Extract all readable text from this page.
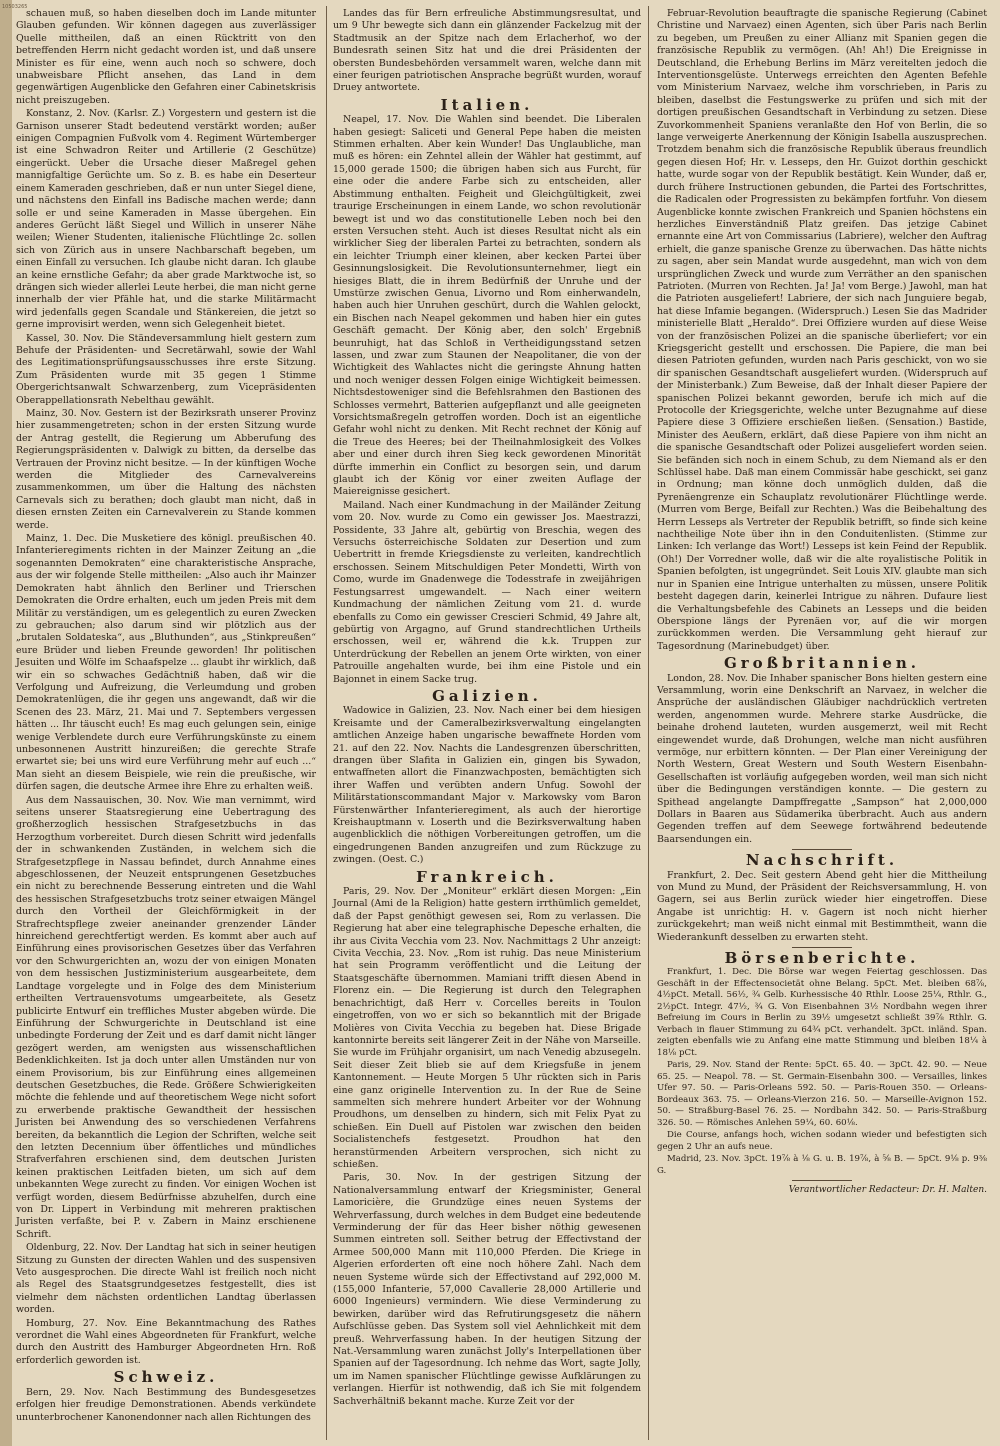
10503265

schauen muß, so haben dieselben doch im Lande mitunter Glauben gefunden. Wir können dagegen aus zuverlässiger Quelle mittheilen, daß an einen Rücktritt von den betreffenden Herrn nicht gedacht worden ist, und daß unsere Minister es für eine, wenn auch noch so schwere, doch unabweisbare Pflicht ansehen, das Land in dem gegenwärtigen Augenblicke den Gefahren einer Cabinetskrisis nicht preiszugeben.

Konstanz, 2. Nov. (Karlsr. Z.) Vorgestern und gestern ist die Garnison unserer Stadt bedeutend verstärkt worden; außer einigen Compagnien Fußvolk vom 4. Regiment Würtemberger ist eine Schwadron Reiter und Artillerie (2 Geschütze) eingerückt. Ueber die Ursache dieser Maßregel gehen mannigfaltige Gerüchte um. So z. B. es habe ein Deserteur einem Kameraden geschrieben, daß er nun unter Siegel diene, und nächstens den Einfall ins Badische machen werde; dann solle er und seine Kameraden in Masse übergehen. Ein anderes Gerücht läßt Siegel und Willich in unserer Nähe weilen; Wiener Studenten, italienische Flüchtlinge 2c. sollen sich von Zürich aus in unsere Nachbarschaft begeben, um einen Einfall zu versuchen. Ich glaube nicht daran. Ich glaube an keine ernstliche Gefahr; da aber grade Marktwoche ist, so drängen sich wieder allerlei Leute herbei, die man nicht gerne innerhalb der vier Pfähle hat, und die starke Militärmacht wird jedenfalls gegen Scandale und Stänkereien, die jetzt so gerne improvisirt werden, wenn sich Gelegenheit bietet.

Kassel, 30. Nov. Die Ständeversammlung hielt gestern zum Behufe der Präsidenten- und Secretärwahl, sowie der Wahl des Legitimationsprüfungsausschusses ihre erste Sitzung. Zum Präsidenten wurde mit 35 gegen 1 Stimme Obergerichtsanwalt Schwarzenberg, zum Vicepräsidenten Oberappellationsrath Nebelthau gewählt.

Mainz, 30. Nov. Gestern ist der Bezirksrath unserer Provinz hier zusammengetreten; schon in der ersten Sitzung wurde der Antrag gestellt, die Regierung um Abberufung des Regierungspräsidenten v. Dalwigk zu bitten, da derselbe das Vertrauen der Provinz nicht besitze. — In der künftigen Woche werden die Mitglieder des Carnevalvereins zusammenkommen, um über die Haltung des nächsten Carnevals sich zu berathen; doch glaubt man nicht, daß in diesen ernsten Zeiten ein Carnevalverein zu Stande kommen werde.

Mainz, 1. Dec. Die Musketiere des königl. preußischen 40. Infanterieregiments richten in der Mainzer Zeitung an „die sogenannten Demokraten“ eine charakteristische Ansprache, aus der wir folgende Stelle mittheilen: „Also auch ihr Mainzer Demokraten habt ähnlich den Berliner und Trierschen Demokraten die Ordre erhalten, euch um jeden Preis mit dem Militär zu verständigen, um es gelegentlich zu euren Zwecken zu gebrauchen; also darum sind wir plötzlich aus der „brutalen Soldateska“, aus „Bluthunden“, aus „Stinkpreußen“ eure Brüder und lieben Freunde geworden! Ihr politischen Jesuiten und Wölfe im Schaafspelze ... glaubt ihr wirklich, daß wir ein so schwaches Gedächtniß haben, daß wir die Verfolgung und Aufreizung, die Verleumdung und groben Demokratenlügen, die ihr gegen uns angewandt, daß wir die Scenen des 23. März, 21. Mai und 7. Septembers vergessen hätten ... Ihr täuscht euch! Es mag euch gelungen sein, einige wenige Verblendete durch eure Verführungskünste zu einem unbesonnenen Austritt hinzureißen; die gerechte Strafe erwartet sie; bei uns wird eure Verführung mehr auf euch ...“ Man sieht an diesem Beispiele, wie rein die preußische, wir dürfen sagen, die deutsche Armee ihre Ehre zu erhalten weiß.

Aus dem Nassauischen, 30. Nov. Wie man vernimmt, wird seitens unserer Staatsregierung eine Uebertragung des großherzoglich hessischen Strafgesetzbuchs in das Herzogthum vorbereitet. Durch diesen Schritt wird jedenfalls der in schwankenden Zuständen, in welchem sich die Strafgesetzpflege in Nassau befindet, durch Annahme eines abgeschlossenen, der Neuzeit entsprungenen Gesetzbuches ein nicht zu berechnende Besserung eintreten und die Wahl des hessischen Strafgesetzbuchs trotz seiner etwaigen Mängel durch den Vortheil der Gleichförmigkeit in der Strafrechtspflege zweier aneinander grenzender Länder hinreichend gerechtfertigt werden. Es kommt aber auch auf Einführung eines provisorischen Gesetzes über das Verfahren vor den Schwurgerichten an, wozu der von einigen Monaten von dem hessischen Justizministerium ausgearbeitete, dem Landtage vorgelegte und in Folge des dem Ministerium ertheilten Vertrauensvotums umgearbeitete, als Gesetz publicirte Entwurf ein treffliches Muster abgeben würde. Die Einführung der Schwurgerichte in Deutschland ist eine unbedingte Forderung der Zeit und es darf damit nicht länger gezögert werden, am wenigsten aus wissenschaftlichen Bedenklichkeiten. Ist ja doch unter allen Umständen nur von einem Provisorium, bis zur Einführung eines allgemeinen deutschen Gesetzbuches, die Rede. Größere Schwierigkeiten möchte die fehlende und auf theoretischem Wege nicht sofort zu erwerbende praktische Gewandtheit der hessischen Juristen bei Anwendung des so verschiedenen Verfahrens bereiten, da bekanntlich die Legion der Schriften, welche seit den letzten Decennium über öffentliches und mündliches Strafverfahren erschienen sind, dem deutschen Juristen keinen praktischen Leitfaden bieten, um sich auf dem unbekannten Wege zurecht zu finden. Vor einigen Wochen ist verfügt worden, diesem Bedürfnisse abzuhelfen, durch eine von Dr. Lippert in Verbindung mit mehreren praktischen Juristen verfaßte, bei P. v. Zabern in Mainz erschienene Schrift.

Oldenburg, 22. Nov. Der Landtag hat sich in seiner heutigen Sitzung zu Gunsten der directen Wahlen und des suspensiven Veto ausgesprochen. Die directe Wahl ist freilich noch nicht als Regel des Staatsgrundgesetzes festgestellt, dies ist vielmehr dem nächsten ordentlichen Landtag überlassen worden.

Homburg, 27. Nov. Eine Bekanntmachung des Rathes verordnet die Wahl eines Abgeordneten für Frankfurt, welche durch den Austritt des Hamburger Abgeordneten Hrn. Roß erforderlich geworden ist.

Schweiz.

Bern, 29. Nov. Nach Bestimmung des Bundesgesetzes erfolgen hier freudige Demonstrationen. Abends verkündete ununterbrochener Kanonendonner nach allen Richtungen des

Landes das für Bern erfreuliche Abstimmungsresultat, und um 9 Uhr bewegte sich dann ein glänzender Fackelzug mit der Stadtmusik an der Spitze nach dem Erlacherhof, wo der Bundesrath seinen Sitz hat und die drei Präsidenten der obersten Bundesbehörden versammelt waren, welche dann mit einer feurigen patriotischen Ansprache begrüßt wurden, worauf Druey antwortete.

Italien.

Neapel, 17. Nov. Die Wahlen sind beendet. Die Liberalen haben gesiegt: Saliceti und General Pepe haben die meisten Stimmen erhalten. Aber kein Wunder! Das Unglaubliche, man muß es hören: ein Zehntel allein der Wähler hat gestimmt, auf 15,000 gerade 1500; die übrigen haben sich aus Furcht, für eine oder die andere Farbe sich zu entscheiden, aller Abstimmung enthalten. Feigheit und Gleichgültigkeit, zwei traurige Erscheinungen in einem Lande, wo schon revolutionär bewegt ist und wo das constitutionelle Leben noch bei den ersten Versuchen steht. Auch ist dieses Resultat nicht als ein wirklicher Sieg der liberalen Partei zu betrachten, sondern als ein leichter Triumph einer kleinen, aber kecken Partei über Gesinnungslosigkeit. Die Revolutionsunternehmer, liegt ein hiesiges Blatt, die in ihrem Bedürfniß der Unruhe und der Umstürze zwischen Genua, Livorno und Rom einherwandeln, haben auch hier Unruhen geschürt, durch die Wahlen gelockt, ein Bischen nach Neapel gekommen und haben hier ein gutes Geschäft gemacht. Der König aber, den solch' Ergebniß beunruhigt, hat das Schloß in Vertheidigungsstand setzen lassen, und zwar zum Staunen der Neapolitaner, die von der Wichtigkeit des Wahlactes nicht die geringste Ahnung hatten und noch weniger dessen Folgen einige Wichtigkeit beimessen. Nichtsdestoweniger sind die Befehlsrahmen den Bastionen des Schlosses vermehrt, Batterien aufgepflanzt und alle geeigneten Vorsichtsmaßregeln getroffen worden. Doch ist an eigentliche Gefahr wohl nicht zu denken. Mit Recht rechnet der König auf die Treue des Heeres; bei der Theilnahmlosigkeit des Volkes aber und einer durch ihren Sieg keck gewordenen Minorität dürfte immerhin ein Conflict zu besorgen sein, und darum glaubt ich der König vor einer zweiten Auflage der Maiereignisse gesichert.

Mailand. Nach einer Kundmachung in der Mailänder Zeitung vom 20. Nov. wurde zu Como ein gewisser Jos. Maestrazzi, Possidente, 33 Jahre alt, gebürtig von Breschia, wegen des Versuchs österreichische Soldaten zur Desertion und zum Uebertritt in fremde Kriegsdienste zu verleiten, kandrechtlich erschossen. Seinem Mitschuldigen Peter Mondetti, Wirth von Como, wurde im Gnadenwege die Todesstrafe in zweijährigen Festungsarrest umgewandelt. — Nach einer weitern Kundmachung der nämlichen Zeitung vom 21. d. wurde ebenfalls zu Como ein gewisser Crescieri Schmid, 49 Jahre alt, gebürtig von Argagno, auf Grund standrechtlichen Urtheils erschossen, weil er, während die k.k. Truppen zur Unterdrückung der Rebellen an jenem Orte wirkten, von einer Patrouille angehalten wurde, bei ihm eine Pistole und ein Bajonnet in einem Sacke trug.

Galizien.

Wadowice in Galizien, 23. Nov. Nach einer bei dem hiesigen Kreisamte und der Cameralbezirksverwaltung eingelangten amtlichen Anzeige haben ungarische bewaffnete Horden vom 21. auf den 22. Nov. Nachts die Landesgrenzen überschritten, drangen über Slafita in Galizien ein, gingen bis Sywadon, entwaffneten allort die Finanzwachposten, bemächtigten sich ihrer Waffen und verübten andern Unfug. Sowohl der Militärstationscommandant Major v. Markowsky vom Baron Fürstenwärther Infanterieregiment, als auch der hierortige Kreishauptmann v. Loserth und die Bezirksverwaltung haben augenblicklich die nöthigen Vorbereitungen getroffen, um die eingedrungenen Banden anzugreifen und zum Rückzuge zu zwingen. (Oest. C.)

Frankreich.

Paris, 29. Nov. Der „Moniteur“ erklärt diesen Morgen: „Ein Journal (Ami de la Religion) hatte gestern irrthümlich gemeldet, daß der Papst genöthigt gewesen sei, Rom zu verlassen. Die Regierung hat aber eine telegraphische Depesche erhalten, die ihr aus Civita Vecchia vom 23. Nov. Nachmittags 2 Uhr anzeigt: Civita Vecchia, 23. Nov. „Rom ist ruhig. Das neue Ministerium hat sein Programm veröffentlicht und die Leitung der Staatsgeschäfte übernommen. Mamiani trifft diesen Abend in Florenz ein. — Die Regierung ist durch den Telegraphen benachrichtigt, daß Herr v. Corcelles bereits in Toulon eingetroffen, von wo er sich so bekanntlich mit der Brigade Molières von Civita Vecchia zu begeben hat. Diese Brigade kantonnirte bereits seit längerer Zeit in der Nähe von Marseille. Sie wurde im Frühjahr organisirt, um nach Venedig abzusegeln. Seit dieser Zeit blieb sie auf dem Kriegsfuße in jenem Kantonnement. — Heute Morgen 5 Uhr rückten sich in Paris eine ganz originelle Intervention zu. In der Rue de Seine sammelten sich mehrere hundert Arbeiter vor der Wohnung Proudhons, um denselben zu hindern, sich mit Felix Pyat zu schießen. Ein Duell auf Pistolen war zwischen den beiden Socialistenchefs festgesetzt. Proudhon hat den heranstürmenden Arbeitern versprochen, sich nicht zu schießen.

Paris, 30. Nov. In der gestrigen Sitzung der Nationalversammlung entwarf der Kriegsminister, General Lamoricière, die Grundzüge eines neuen Systems der Wehrverfassung, durch welches in dem Budget eine bedeutende Verminderung der für das Heer bisher nöthig gewesenen Summen eintreten soll. Seither betrug der Effectivstand der Armee 500,000 Mann mit 110,000 Pferden. Die Kriege in Algerien erforderten oft eine noch höhere Zahl. Nach dem neuen Systeme würde sich der Effectivstand auf 292,000 M. (155,000 Infanterie, 57,000 Cavallerie 28,000 Artillerie und 6000 Ingenieurs) vermindern. Wie diese Verminderung zu bewirken, darüber wird das Refrutirungsgesetz die nähern Aufschlüsse geben. Das System soll viel Aehnlichkeit mit dem preuß. Wehrverfassung haben. In der heutigen Sitzung der Nat.-Versammlung waren zunächst Jolly's Interpellationen über Spanien auf der Tagesordnung. Ich nehme das Wort, sagte Jolly, um im Namen spanischer Flüchtlinge gewisse Aufklärungen zu verlangen. Hierfür ist nothwendig, daß ich Sie mit folgendem Sachverhältniß bekannt mache. Kurze Zeit vor der

Februar-Revolution beauftragte die spanische Regierung (Cabinet Christine und Narvaez) einen Agenten, sich über Paris nach Berlin zu begeben, um Preußen zu einer Allianz mit Spanien gegen die französische Republik zu vermögen. (Ah! Ah!) Die Ereignisse in Deutschland, die Erhebung Berlins im März vereitelten jedoch die Interventionsgelüste. Unterwegs erreichten den Agenten Befehle vom Ministerium Narvaez, welche ihm vorschrieben, in Paris zu bleiben, daselbst die Festungswerke zu prüfen und sich mit der dortigen preußischen Gesandtschaft in Verbindung zu setzen. Diese Zuvorkommenheit Spaniens veranlaßte den Hof von Berlin, die so lange verweigerte Anerkennung der Königin Isabella auszusprechen. Trotzdem benahm sich die französische Republik überaus freundlich gegen diesen Hof; Hr. v. Lesseps, den Hr. Guizot dorthin geschickt hatte, wurde sogar von der Republik bestätigt. Kein Wunder, daß er, durch frühere Instructionen gebunden, die Partei des Fortschrittes, die Radicalen oder Progressisten zu bekämpfen fortfuhr. Von diesem Augenblicke konnte zwischen Frankreich und Spanien höchstens ein herzliches Einverständniß Platz greifen. Das jetzige Cabinet ernannte eine Art von Commissarius (Labriere), welcher den Auftrag erhielt, die ganze spanische Grenze zu überwachen. Das hätte nichts zu sagen, aber sein Mandat wurde ausgedehnt, man wich von dem ursprünglichen Zweck und wurde zum Verräther an den spanischen Patrioten. (Murren von Rechten. Ja! Ja! vom Berge.) Jawohl, man hat die Patrioten ausgeliefert! Labriere, der sich nach Junguiere begab, hat diese Infamie begangen. (Widerspruch.) Lesen Sie das Madrider ministerielle Blatt „Heraldo“. Drei Offiziere wurden auf diese Weise von der französischen Polizei an die spanische überliefert; vor ein Kriegsgericht gestellt und erschossen. Die Papiere, die man bei diesen Patrioten gefunden, wurden nach Paris geschickt, von wo sie dir spanischen Gesandtschaft ausgeliefert wurden. (Widerspruch auf der Ministerbank.) Zum Beweise, daß der Inhalt dieser Papiere der spanischen Polizei bekannt geworden, berufe ich mich auf die Protocolle der Kriegsgerichte, welche unter Bezugnahme auf diese Papiere diese 3 Offiziere erschießen ließen. (Sensation.) Bastide, Minister des Aeußern, erklärt, daß diese Papiere von ihm nicht an die spanische Gesandtschaft oder Polizei ausgeliefert worden seien. Sie befänden sich noch in einem Schub, zu dem Niemand als er den Schlüssel habe. Daß man einem Commissär habe geschickt, sei ganz in Ordnung; man könne doch unmöglich dulden, daß die Pyrenäengrenze ein Schauplatz revolutionärer Flüchtlinge werde. (Murren vom Berge, Beifall zur Rechten.) Was die Beibehaltung des Herrn Lesseps als Vertreter der Republik betrifft, so finde sich keine nachtheilige Note über ihn in den Conduitenlisten. (Stimme zur Linken: Ich verlange das Wort!) Lesseps ist kein Feind der Republik. (Oh!) Der Vorredner wolle, daß wir die alte royalistische Politik in Spanien befolgten, ist ungegründet. Seit Louis XIV. glaubte man sich nur in Spanien eine Intrigue unterhalten zu müssen, unsere Politik besteht dagegen darin, keinerlei Intrigue zu nähren. Dufaure liest die Verhaltungsbefehle des Cabinets an Lesseps und die beiden Oberspione längs der Pyrenäen vor, auf die wir morgen zurückkommen werden. Die Versammlung geht hierauf zur Tagesordnung (Marinebudget) über.

Großbritannien.

London, 28. Nov. Die Inhaber spanischer Bons hielten gestern eine Versammlung, worin eine Denkschrift an Narvaez, in welcher die Ansprüche der ausländischen Gläubiger nachdrücklich vertreten werden, angenommen wurde. Mehrere starke Ausdrücke, die beinahe drohend lauteten, wurden ausgemerzt, weil mit Recht eingewendet wurde, daß Drohungen, welche man nicht ausführen vermöge, nur erbittern könnten. — Der Plan einer Vereinigung der North Western, Great Western und South Western Eisenbahn-Gesellschaften ist vorläufig aufgegeben worden, weil man sich nicht über die Bedingungen verständigen konnte. — Die gestern zu Spithead angelangte Dampffregatte „Sampson“ hat 2,000,000 Dollars in Baaren aus Südamerika überbracht. Auch aus andern Gegenden treffen auf dem Seewege fortwährend bedeutende Baarsendungen ein.

Nachschrift.

Frankfurt, 2. Dec. Seit gestern Abend geht hier die Mittheilung von Mund zu Mund, der Präsident der Reichsversammlung, H. von Gagern, sei aus Berlin zurück wieder hier eingetroffen. Diese Angabe ist unrichtig: H. v. Gagern ist noch nicht hierher zurückgekehrt; man weiß nicht einmal mit Bestimmtheit, wann die Wiederankunft desselben zu erwarten steht.

Börsenberichte.

Frankfurt, 1. Dec. Die Börse war wegen Feiertag geschlossen. Das Geschäft in der Effectensocietät ohne Belang. 5pCt. Met. bleiben 68⅞, 4½pCt. Metall. 56½, ¾ Gelb. Kurhessische 40 Rthlr. Loose 25¼, Rthlr. G., 2½pCt. Integr. 47½, ¾ G. Von Eisenbahnen 3½ Nordbahn wegen ihrer Befreiung im Cours in Berlin zu 39½ umgesetzt schließt 39⅞ Rthlr. G. Verbach in flauer Stimmung zu 64¾ pCt. verhandelt. 3pCt. inländ. Span. zeigten ebenfalls wie zu Anfang eine matte Stimmung und bleiben 18¼ à 18⅛ pCt.

Paris, 29. Nov. Stand der Rente: 5pCt. 65. 40. — 3pCt. 42. 90. — Neue 65. 25. — Neapol. 78. — St. Germain-Eisenbahn 300. — Versailles, linkes Ufer 97. 50. — Paris-Orleans 592. 50. — Paris-Rouen 350. — Orleans-Bordeaux 363. 75. — Orleans-Vierzon 216. 50. — Marseille-Avignon 152. 50. — Straßburg-Basel 76. 25. — Nordbahn 342. 50. — Paris-Straßburg 326. 50. — Römisches Anlehen 59¼, 60. 60⅛.

Die Course, anfangs hoch, wichen sodann wieder und befestigten sich gegen 2 Uhr an aufs neue.

Madrid, 23. Nov. 3pCt. 19⅞ à ⅛ G. u. B. 19⅞, à ⅝ B. — 5pCt. 9⅛ p. 9⅜ G.

Verantwortlicher Redacteur: Dr. H. Malten.
